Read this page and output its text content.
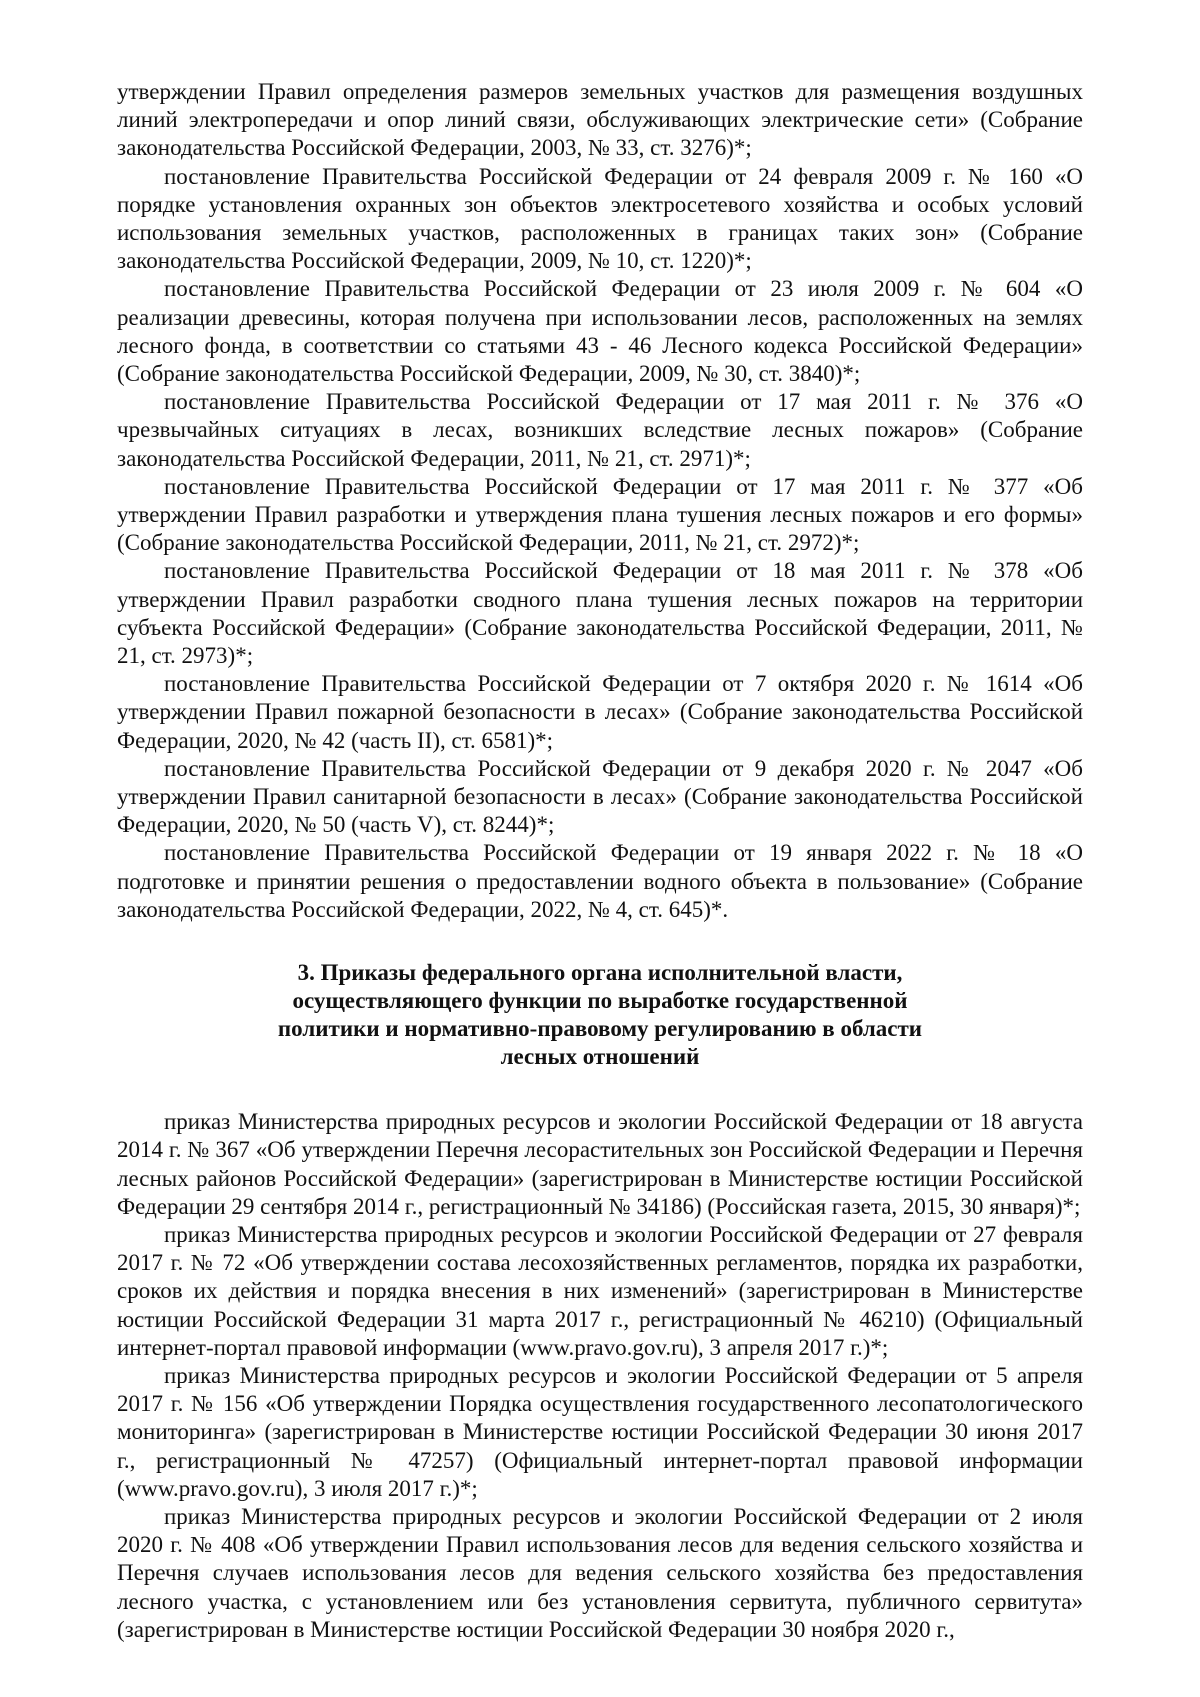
утверждении Правил определения размеров земельных участков для размещения воздушных линий электропередачи и опор линий связи, обслуживающих электрические сети» (Собрание законодательства Российской Федерации, 2003, № 33, ст. 3276)*;

постановление Правительства Российской Федерации от 24 февраля 2009 г. № 160 «О порядке установления охранных зон объектов электросетевого хозяйства и особых условий использования земельных участков, расположенных в границах таких зон» (Собрание законодательства Российской Федерации, 2009, № 10, ст. 1220)*;

постановление Правительства Российской Федерации от 23 июля 2009 г. № 604 «О реализации древесины, которая получена при использовании лесов, расположенных на землях лесного фонда, в соответствии со статьями 43 - 46 Лесного кодекса Российской Федерации» (Собрание законодательства Российской Федерации, 2009, № 30, ст. 3840)*;

постановление Правительства Российской Федерации от 17 мая 2011 г. № 376 «О чрезвычайных ситуациях в лесах, возникших вследствие лесных пожаров» (Собрание законодательства Российской Федерации, 2011, № 21, ст. 2971)*;

постановление Правительства Российской Федерации от 17 мая 2011 г. № 377 «Об утверждении Правил разработки и утверждения плана тушения лесных пожаров и его формы» (Собрание законодательства Российской Федерации, 2011, № 21, ст. 2972)*;

постановление Правительства Российской Федерации от 18 мая 2011 г. № 378 «Об утверждении Правил разработки сводного плана тушения лесных пожаров на территории субъекта Российской Федерации» (Собрание законодательства Российской Федерации, 2011, № 21, ст. 2973)*;

постановление Правительства Российской Федерации от 7 октября 2020 г. № 1614 «Об утверждении Правил пожарной безопасности в лесах» (Собрание законодательства Российской Федерации, 2020, № 42 (часть II), ст. 6581)*;

постановление Правительства Российской Федерации от 9 декабря 2020 г. № 2047 «Об утверждении Правил санитарной безопасности в лесах» (Собрание законодательства Российской Федерации, 2020, № 50 (часть V), ст. 8244)*;

постановление Правительства Российской Федерации от 19 января 2022 г. № 18 «О подготовке и принятии решения о предоставлении водного объекта в пользование» (Собрание законодательства Российской Федерации, 2022, № 4, ст. 645)*.

3. Приказы федерального органа исполнительной власти,
осуществляющего функции по выработке государственной
политики и нормативно-правовому регулированию в области
лесных отношений

приказ Министерства природных ресурсов и экологии Российской Федерации от 18 августа 2014 г. № 367 «Об утверждении Перечня лесорастительных зон Российской Федерации и Перечня лесных районов Российской Федерации» (зарегистрирован в Министерстве юстиции Российской Федерации 29 сентября 2014 г., регистрационный № 34186) (Российская газета, 2015, 30 января)*;

приказ Министерства природных ресурсов и экологии Российской Федерации от 27 февраля 2017 г. № 72 «Об утверждении состава лесохозяйственных регламентов, порядка их разработки, сроков их действия и порядка внесения в них изменений» (зарегистрирован в Министерстве юстиции Российской Федерации 31 марта 2017 г., регистрационный № 46210) (Официальный интернет-портал правовой информации (www.pravo.gov.ru), 3 апреля 2017 г.)*;

приказ Министерства природных ресурсов и экологии Российской Федерации от 5 апреля 2017 г. № 156 «Об утверждении Порядка осуществления государственного лесопатологического мониторинга» (зарегистрирован в Министерстве юстиции Российской Федерации 30 июня 2017 г., регистрационный № 47257) (Официальный интернет-портал правовой информации (www.pravo.gov.ru), 3 июля 2017 г.)*;

приказ Министерства природных ресурсов и экологии Российской Федерации от 2 июля 2020 г. № 408 «Об утверждении Правил использования лесов для ведения сельского хозяйства и Перечня случаев использования лесов для ведения сельского хозяйства без предоставления лесного участка, с установлением или без установления сервитута, публичного сервитута» (зарегистрирован в Министерстве юстиции Российской Федерации 30 ноября 2020 г.,
